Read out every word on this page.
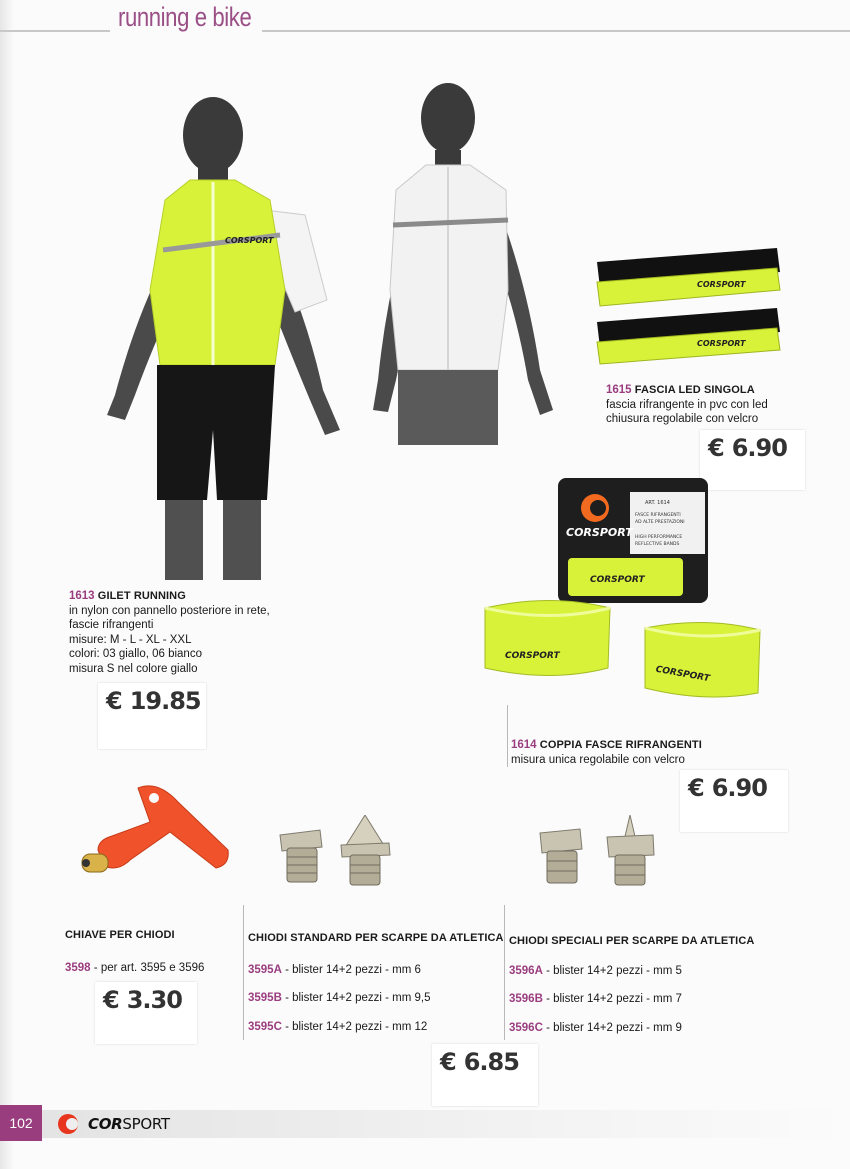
running e bike
CORSPORT
CORSPORT
CORSPORT
1615 FASCIA LED SINGOLA
fascia rifrangente in pvc con led
chiusura regolabile con velcro
€ 6.90
CORSPORT
ART. 1614
FASCE RIFRANGENTI
AD ALTE PRESTAZIONI
HIGH PERFORMANCE
REFLECTIVE BANDS
CORSPORT
CORSPORT
CORSPORT
1613 GILET RUNNING
in nylon con pannello posteriore in rete,
fascie rifrangenti
misure: M - L - XL - XXL
colori: 03 giallo, 06 bianco
misura S nel colore giallo
€ 19.85
1614 COPPIA FASCE RIFRANGENTI
misura unica regolabile con velcro
€ 6.90
CHIAVE PER CHIODI
3598 - per art. 3595 e 3596
€ 3.30
CHIODI STANDARD PER SCARPE DA ATLETICA
3595A - blister 14+2 pezzi - mm 6
3595B - blister 14+2 pezzi - mm 9,5
3595C - blister 14+2 pezzi - mm 12
CHIODI SPECIALI PER SCARPE DA ATLETICA
3596A - blister 14+2 pezzi - mm 5
3596B - blister 14+2 pezzi - mm 7
3596C - blister 14+2 pezzi - mm 9
€ 6.85
102	CORSPORT
